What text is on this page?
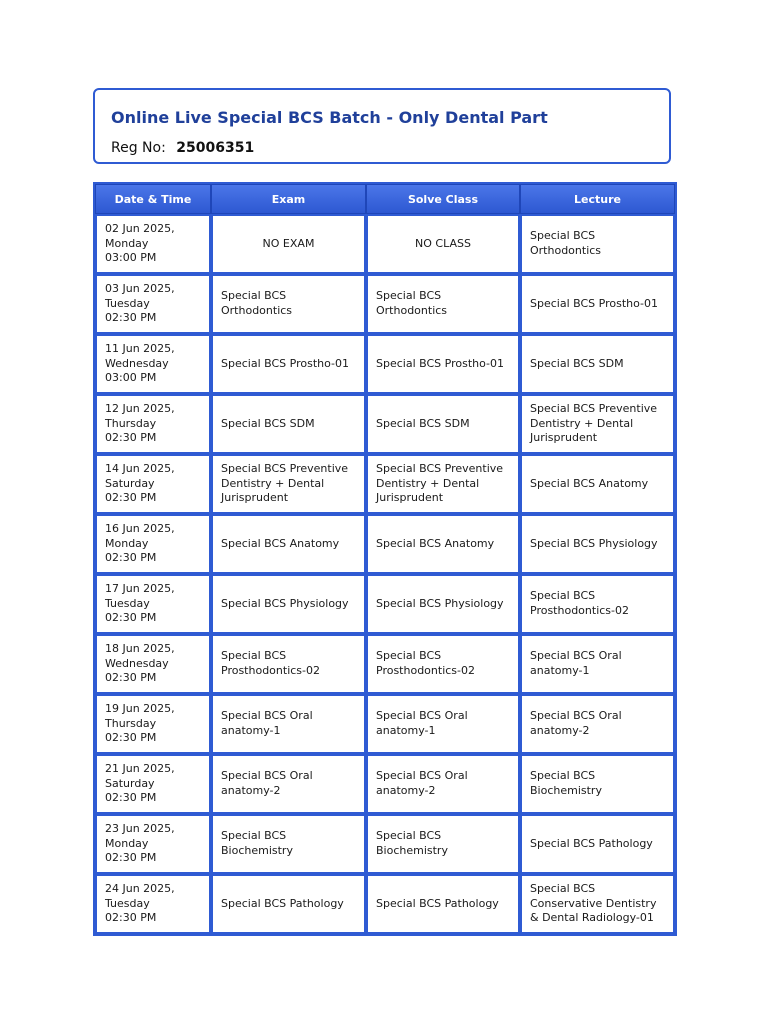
Online Live Special BCS Batch - Only Dental Part
Reg No: 25006351
Date & Time	Exam	Solve Class	Lecture

02 Jun 2025,
Monday
03:00 PM	NO EXAM	NO CLASS	Special BCS Orthodontics

03 Jun 2025,
Tuesday
02:30 PM	Special BCS Orthodontics	Special BCS Orthodontics	Special BCS Prostho-01

11 Jun 2025,
Wednesday
03:00 PM	Special BCS Prostho-01	Special BCS Prostho-01	Special BCS SDM

12 Jun 2025,
Thursday
02:30 PM	Special BCS SDM	Special BCS SDM	Special BCS Preventive Dentistry + Dental Jurisprudent

14 Jun 2025,
Saturday
02:30 PM	Special BCS Preventive Dentistry + Dental Jurisprudent	Special BCS Preventive Dentistry + Dental Jurisprudent	Special BCS Anatomy

16 Jun 2025,
Monday
02:30 PM	Special BCS Anatomy	Special BCS Anatomy	Special BCS Physiology

17 Jun 2025,
Tuesday
02:30 PM	Special BCS Physiology	Special BCS Physiology	Special BCS Prosthodontics-02

18 Jun 2025,
Wednesday
02:30 PM	Special BCS Prosthodontics-02	Special BCS Prosthodontics-02	Special BCS Oral anatomy-1

19 Jun 2025,
Thursday
02:30 PM	Special BCS Oral anatomy-1	Special BCS Oral anatomy-1	Special BCS Oral anatomy-2

21 Jun 2025,
Saturday
02:30 PM	Special BCS Oral anatomy-2	Special BCS Oral anatomy-2	Special BCS Biochemistry

23 Jun 2025,
Monday
02:30 PM	Special BCS Biochemistry	Special BCS Biochemistry	Special BCS Pathology

24 Jun 2025,
Tuesday
02:30 PM	Special BCS Pathology	Special BCS Pathology	Special BCS Conservative Dentistry & Dental Radiology-01
